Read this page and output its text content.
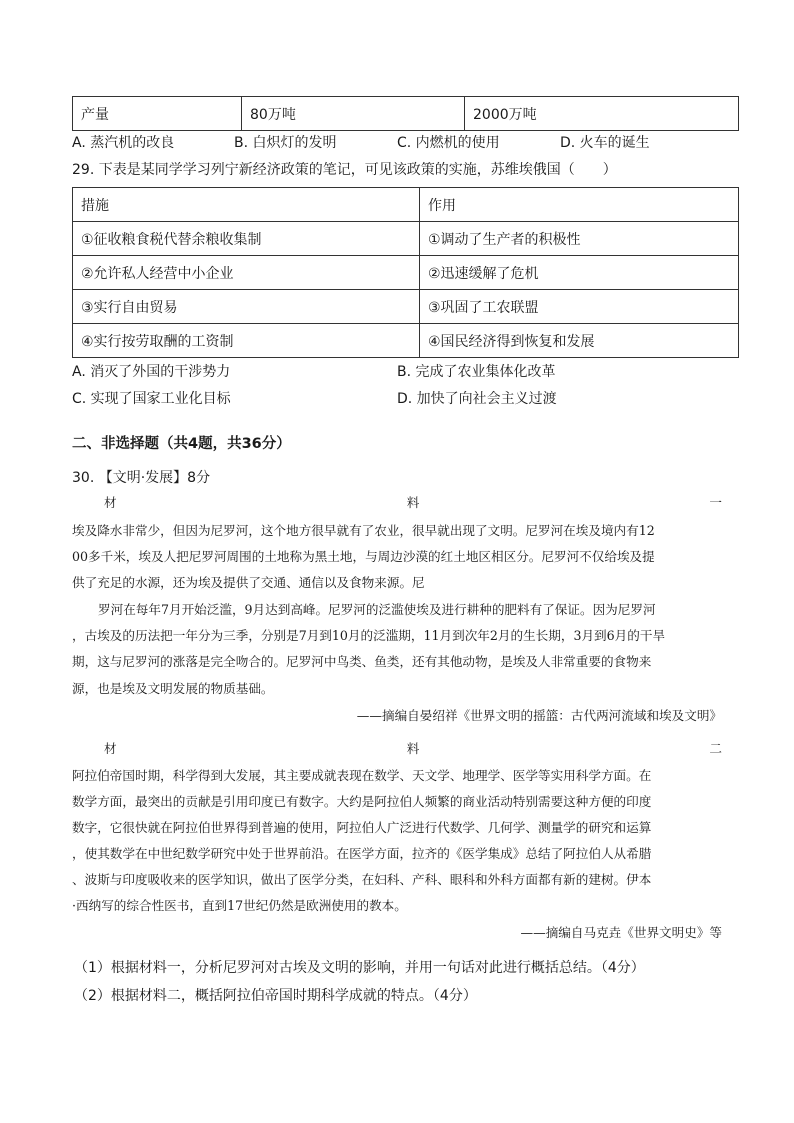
产量	80万吨	2000万吨
A. 蒸汽机的改良	B. 白炽灯的发明	C. 内燃机的使用	D. 火车的诞生
29. 下表是某同学学习列宁新经济政策的笔记，可见该政策的实施，苏维埃俄国（　　）
措施	作用
①征收粮食税代替余粮收集制	①调动了生产者的积极性
②允许私人经营中小企业	②迅速缓解了危机
③实行自由贸易	③巩固了工农联盟
④实行按劳取酬的工资制	④国民经济得到恢复和发展
A. 消灭了外国的干涉势力	B. 完成了农业集体化改革
C. 实现了国家工业化目标	D. 加快了向社会主义过渡
二、非选择题（共4题，共36分）
30. 【文明·发展】8分
材	料	一
埃及降水非常少，但因为尼罗河，这个地方很早就有了农业，很早就出现了文明。尼罗河在埃及境内有12
00多千米，埃及人把尼罗河周围的土地称为黑土地，与周边沙漠的红土地区相区分。尼罗河不仅给埃及提
供了充足的水源，还为埃及提供了交通、通信以及食物来源。尼
罗河在每年7月开始泛滥，9月达到高峰。尼罗河的泛滥使埃及进行耕种的肥料有了保证。因为尼罗河
，古埃及的历法把一年分为三季，分别是7月到10月的泛滥期，11月到次年2月的生长期，3月到6月的干旱
期，这与尼罗河的涨落是完全吻合的。尼罗河中鸟类、鱼类，还有其他动物，是埃及人非常重要的食物来
源，也是埃及文明发展的物质基础。
——摘编自晏绍祥《世界文明的摇篮：古代两河流域和埃及文明》
材	料	二
阿拉伯帝国时期，科学得到大发展，其主要成就表现在数学、天文学、地理学、医学等实用科学方面。在
数学方面，最突出的贡献是引用印度已有数字。大约是阿拉伯人频繁的商业活动特别需要这种方便的印度
数字，它很快就在阿拉伯世界得到普遍的使用，阿拉伯人广泛进行代数学、几何学、测量学的研究和运算
，使其数学在中世纪数学研究中处于世界前沿。在医学方面，拉齐的《医学集成》总结了阿拉伯人从希腊
、波斯与印度吸收来的医学知识，做出了医学分类，在妇科、产科、眼科和外科方面都有新的建树。伊本
·西纳写的综合性医书，直到17世纪仍然是欧洲使用的教本。
——摘编自马克垚《世界文明史》等
（1）根据材料一，分析尼罗河对古埃及文明的影响，并用一句话对此进行概括总结。（4分）
（2）根据材料二，概括阿拉伯帝国时期科学成就的特点。（4分）
